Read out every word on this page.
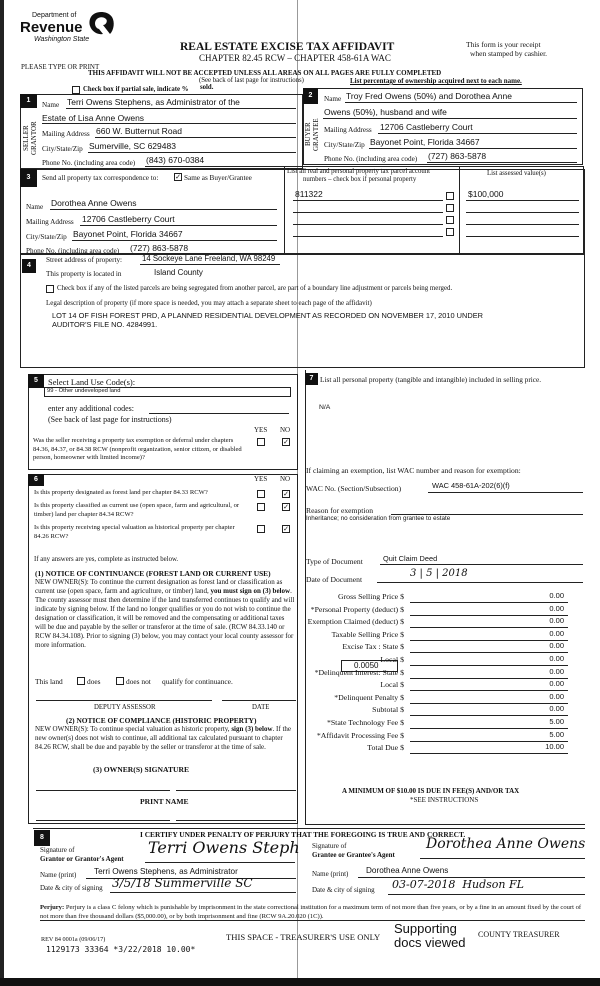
Department of
Revenue
Washington State
REAL ESTATE EXCISE TAX AFFIDAVIT
CHAPTER 82.45 RCW – CHAPTER 458-61A WAC
This form is your receipt
when stamped by cashier.
PLEASE TYPE OR PRINT
THIS AFFIDAVIT WILL NOT BE ACCEPTED UNLESS ALL AREAS ON ALL PAGES ARE FULLY COMPLETED
(See back of last page for instructions)
Check box if partial sale, indicate % sold.
List percentage of ownership acquired next to each name.
1
SELLER
GRANTOR
Name Terri Owens Stephens, as Administrator of the
Estate of Lisa Anne Owens
Mailing Address 660 W. Butternut Road
City/State/Zip Sumerville, SC 629483
Phone No. (including area code) (843) 670-0384
2
BUYER
GRANTEE
Name Troy Fred Owens (50%) and Dorothea Anne
Owens (50%), husband and wife
Mailing Address 12706 Castleberry Court
City/State/Zip Bayonet Point, Florida 34667
Phone No. (including area code) (727) 863-5878
3	Send all property tax correspondence to: ✓ Same as Buyer/Grantee
Name Dorothea Anne Owens
Mailing Address 12706 Castleberry Court
City/State/Zip Bayonet Point, Florida 34667
Phone No. (including area code) (727) 863-5878
List all real and personal property tax parcel account
numbers – check box if personal property
List assessed value(s)
811322	$100,000
4
Street address of property:	14 Sockeye Lane Freeland, WA 98249
This property is located in	Island County
Check box if any of the listed parcels are being segregated from another parcel, are part of a boundary line adjustment or parcels being merged.
Legal description of property (if more space is needed, you may attach a separate sheet to each page of the affidavit)
LOT 14 OF FISH FOREST PRD, A PLANNED RESIDENTIAL DEVELOPMENT AS RECORDED ON NOVEMBER 17, 2010 UNDER
AUDITOR'S FILE NO. 4284991.
5	Select Land Use Code(s):
99 - Other undeveloped land
enter any additional codes:
(See back of last page for instructions)
YES NO
Was the seller receiving a property tax exemption or deferral under chapters 84.36, 84.37, or 84.38 RCW (nonprofit organization, senior citizen, or disabled person, homeowner with limited income)?
✓
6	YES NO
Is this property designated as forest land per chapter 84.33 RCW?	✓
Is this property classified as current use (open space, farm and agricultural, or timber) land per chapter 84.34 RCW?
✓
Is this property receiving special valuation as historical property per chapter 84.26 RCW?
✓
If any answers are yes, complete as instructed below.
(1) NOTICE OF CONTINUANCE (FOREST LAND OR CURRENT USE)
NEW OWNER(S): To continue the current designation as forest land or classification as current use (open space, farm and agriculture, or timber) land, you must sign on (3) below. The county assessor must then determine if the land transferred continues to qualify and will indicate by signing below. If the land no longer qualifies or you do not wish to continue the designation or classification, it will be removed and the compensating or additional taxes will be due and payable by the seller or transferor at the time of sale. (RCW 84.33.140 or RCW 84.34.108). Prior to signing (3) below, you may contact your local county assessor for more information.
This land	does	does not qualify for continuance.
DEPUTY ASSESSOR	DATE
(2) NOTICE OF COMPLIANCE (HISTORIC PROPERTY)
NEW OWNER(S): To continue special valuation as historic property, sign (3) below. If the new owner(s) does not wish to continue, all additional tax calculated pursuant to chapter 84.26 RCW, shall be due and payable by the seller or transferor at the time of sale.
(3) OWNER(S) SIGNATURE
PRINT NAME
7 List all personal property (tangible and intangible) included in selling price.
N/A
If claiming an exemption, list WAC number and reason for exemption:
WAC No. (Section/Subsection)	WAC 458-61A-202(6)(f)
Reason for exemption
Inheritance; no consideration from grantee to estate
Type of Document	Quit Claim Deed
Date of Document
3 | 5 | 2018
0.0050
Gross Selling Price $	0.00
*Personal Property (deduct) $	0.00
Exemption Claimed (deduct) $	0.00
Taxable Selling Price $	0.00
Excise Tax : State $	0.00
Local $	0.00
*Delinquent Interest: State $	0.00
Local $	0.00
*Delinquent Penalty $	0.00
Subtotal $	0.00
*State Technology Fee $	5.00
*Affidavit Processing Fee $	5.00
Total Due $	10.00
A MINIMUM OF $10.00 IS DUE IN FEE(S) AND/OR TAX
*SEE INSTRUCTIONS
8	I CERTIFY UNDER PENALTY OF PERJURY THAT THE FOREGOING IS TRUE AND CORRECT.
Signature of
Grantor or Grantor's Agent
Terri Owens Steph
Name (print) Terri Owens Stephens, as Administrator
Date & city of signing 3/5/18 Summerville SC
Signature of
Grantee or Grantee's Agent
Dorothea Anne Owens
Name (print) Dorothea Anne Owens
Date & city of signing 03-07-2018  Hudson FL
Perjury: Perjury is a class C felony which is punishable by imprisonment in the state correctional institution for a maximum term of not more than five years, or by a fine in an amount fixed by the court of not more than five thousand dollars ($5,000.00), or by both imprisonment and fine (RCW 9A.20.020 (1C)).
REV 84 0001a (09/06/17)
1129173 33364 *3/22/2018 10.00*
THIS SPACE - TREASURER'S USE ONLY
Supporting
docs viewed
COUNTY TREASURER
